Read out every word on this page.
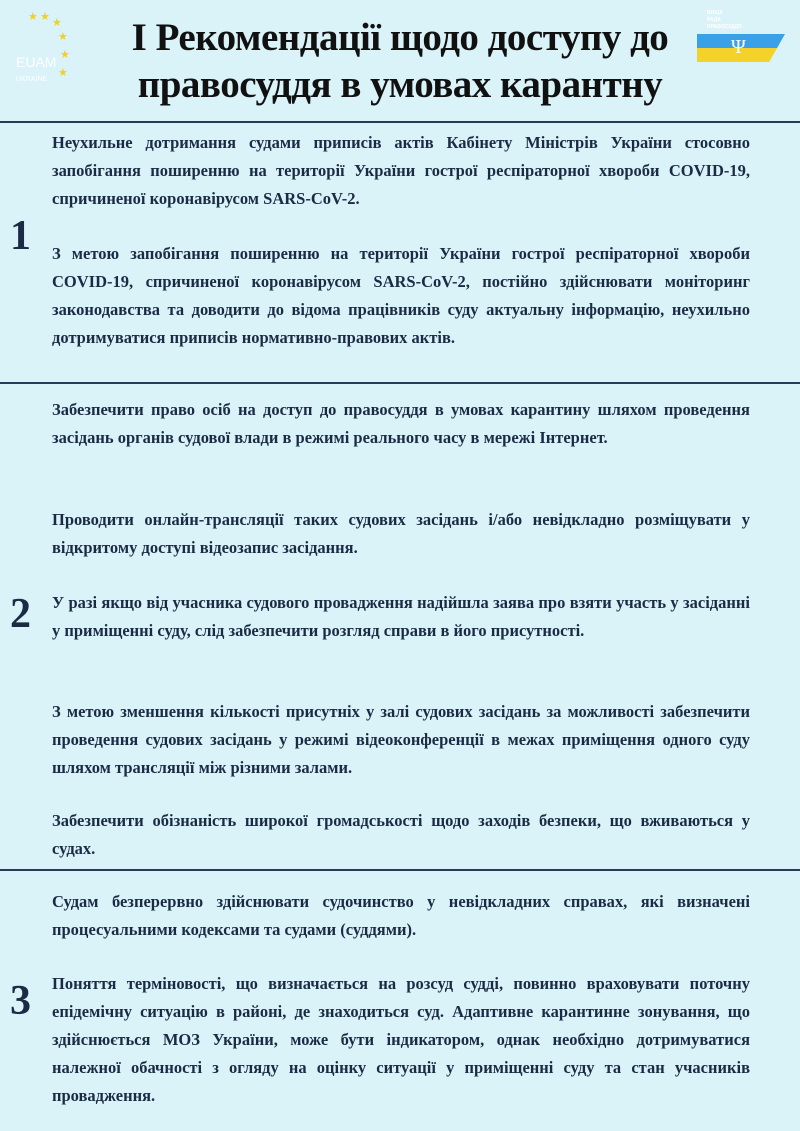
★ ★ ★
★
★
★
EUAM
UKRAINE
I Рекомендації щодо доступу до правосуддя в умовах карантну
ВИЩА РАДА ПРАВОСУДДЯ
Ψ
1

Неухильне дотримання судами приписів актів Кабінету Міністрів України стосовно запобігання поширенню на території України гострої респіраторної хвороби COVID-19, спричиненої коронавірусом SARS-CoV-2.

З метою запобігання поширенню на території України гострої респіраторної хвороби COVID-19, спричиненої коронавірусом SARS-CoV-2, постійно здійснювати моніторинг законодавства та доводити до відома працівників суду актуальну інформацію, неухильно дотримуватися приписів нормативно-правових актів.

2

Забезпечити право осіб на доступ до правосуддя в умовах карантину шляхом проведення засідань органів судової влади в режимі реального часу в мережі Інтернет.

Проводити онлайн-трансляції таких судових засідань і/або невідкладно розміщувати у відкритому доступі відеозапис засідання.

У разі якщо від учасника судового провадження надійшла заява про взяти участь у засіданні у приміщенні суду, слід забезпечити розгляд справи в його присутності.

З метою зменшення кількості присутніх у залі судових засідань за можливості забезпечити проведення судових засідань у режимі відеоконференції в межах приміщення одного суду шляхом трансляції між різними залами.

Забезпечити обізнаність широкої громадськості щодо заходів безпеки, що вживаються у судах.

3

Судам безперервно здійснювати судочинство у невідкладних справах, які визначені процесуальними кодексами та судами (суддями).

Поняття терміновості, що визначається на розсуд судді, повинно враховувати поточну епідемічну ситуацію в районі, де знаходиться суд. Адаптивне карантинне зонування, що здійснюється МОЗ України, може бути індикатором, однак необхідно дотримуватися належної обачності з огляду на оцінку ситуації у приміщенні суду та стан учасників провадження.
